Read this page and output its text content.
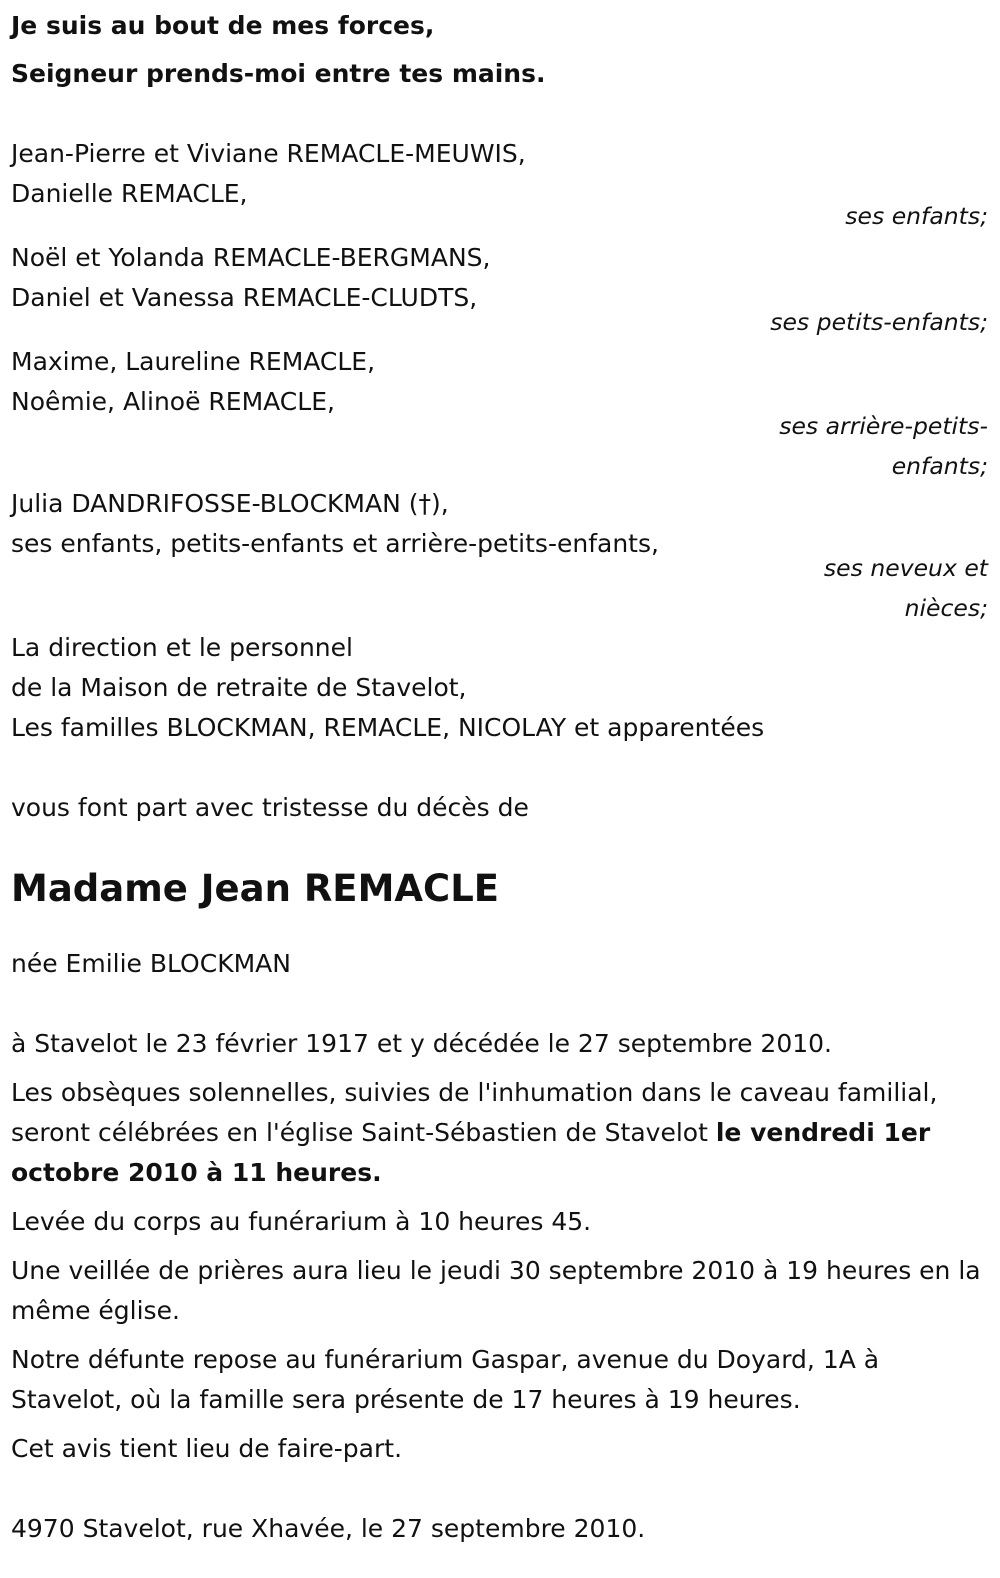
Je suis au bout de mes forces,
Seigneur prends-moi entre tes mains.
Jean-Pierre et Viviane REMACLE-MEUWIS,
Danielle REMACLE,
ses enfants;
Noël et Yolanda REMACLE-BERGMANS,
Daniel et Vanessa REMACLE-CLUDTS,
ses petits-enfants;
Maxime, Laureline REMACLE,
Noêmie, Alinoë REMACLE,
ses arrière-petits-
enfants;
Julia DANDRIFOSSE-BLOCKMAN (†),
ses enfants, petits-enfants et arrière-petits-enfants,
ses neveux et
nièces;
La direction et le personnel
de la Maison de retraite de Stavelot,
Les familles BLOCKMAN, REMACLE, NICOLAY et apparentées
vous font part avec tristesse du décès de
Madame Jean REMACLE
née Emilie BLOCKMAN
à Stavelot le 23 février 1917 et y décédée le 27 septembre 2010.
Les obsèques solennelles, suivies de l'inhumation dans le caveau familial, seront célébrées en l'église Saint-Sébastien de Stavelot le vendredi 1er octobre 2010 à 11 heures.
Levée du corps au funérarium à 10 heures 45.
Une veillée de prières aura lieu le jeudi 30 septembre 2010 à 19 heures en la même église.
Notre défunte repose au funérarium Gaspar, avenue du Doyard, 1A à Stavelot, où la famille sera présente de 17 heures à 19 heures.
Cet avis tient lieu de faire-part.
4970 Stavelot, rue Xhavée, le 27 septembre 2010.
